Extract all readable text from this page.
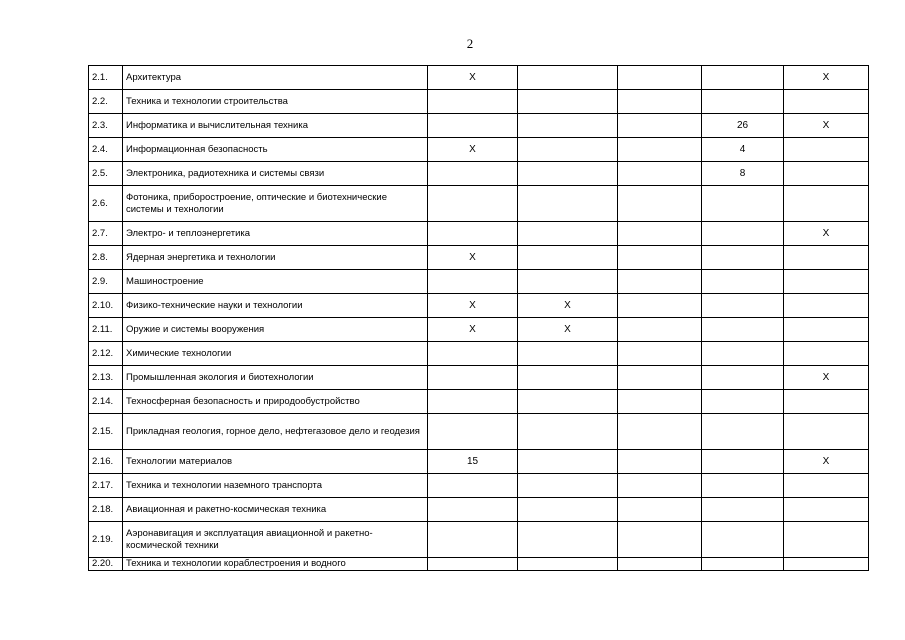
2
2.1.	Архитектура	Х				Х
2.2.	Техника и технологии строительства					
2.3.	Информатика и вычислительная техника				26	Х
2.4.	Информационная безопасность	Х			4	
2.5.	Электроника, радиотехника и системы связи				8	
2.6.	Фотоника, приборостроение, оптические и биотехнические системы и технологии					
2.7.	Электро- и теплоэнергетика					Х
2.8.	Ядерная энергетика и технологии	Х				
2.9.	Машиностроение					
2.10.	Физико-технические науки и технологии	Х	Х			
2.11.	Оружие и системы вооружения	Х	Х			
2.12.	Химические технологии					
2.13.	Промышленная экология и биотехнологии					Х
2.14.	Техносферная безопасность и природообустройство					
2.15.	Прикладная геология, горное дело, нефтегазовое дело и геодезия					
2.16.	Технологии материалов	15				Х
2.17.	Техника и технологии наземного транспорта					
2.18.	Авиационная и ракетно-космическая техника					
2.19.	Аэронавигация и эксплуатация авиационной и ракетно-космической техники					
2.20.	Техника и технологии кораблестроения и водного					
